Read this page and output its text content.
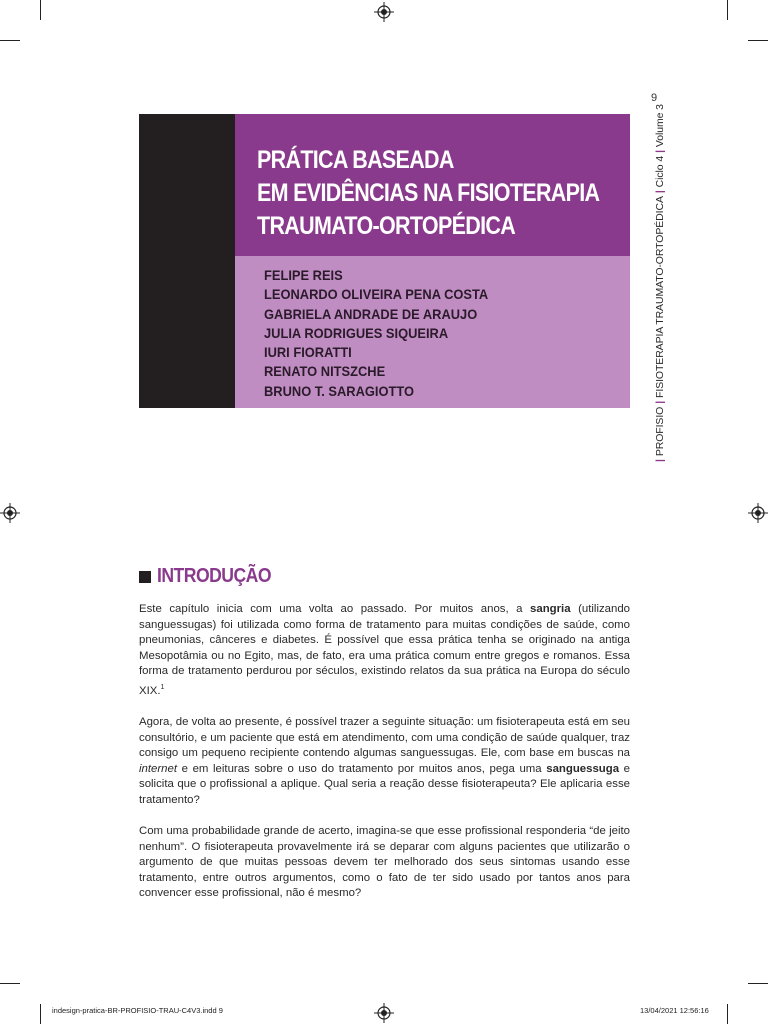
9
|
PROFISIO
|
FISIOTERAPIA TRAUMATO-ORTOPÉDICA
|
Ciclo 4
|
Volume 3
PRÁTICA BASEADA
EM EVIDÊNCIAS NA FISIOTERAPIA
TRAUMATO-ORTOPÉDICA
FELIPE REIS
LEONARDO OLIVEIRA PENA COSTA
GABRIELA ANDRADE DE ARAUJO
JULIA RODRIGUES SIQUEIRA
IURI FIORATTI
RENATO NITSZCHE
BRUNO T. SARAGIOTTO
INTRODUÇÃO

Este capítulo inicia com uma volta ao passado. Por muitos anos, a sangria (utilizando sanguessugas) foi utilizada como forma de tratamento para muitas condições de saúde, como pneumonias, cânceres e diabetes. É possível que essa prática tenha se originado na antiga Mesopotâmia ou no Egito, mas, de fato, era uma prática comum entre gregos e romanos. Essa forma de tratamento perdurou por séculos, existindo relatos da sua prática na Europa do século XIX.$^1$

Agora, de volta ao presente, é possível trazer a seguinte situação: um fisioterapeuta está em seu consultório, e um paciente que está em atendimento, com uma condição de saúde qualquer, traz consigo um pequeno recipiente contendo algumas sanguessugas. Ele, com base em buscas na internet e em leituras sobre o uso do tratamento por muitos anos, pega uma sanguessuga e solicita que o profissional a aplique. Qual seria a reação desse fisioterapeuta? Ele aplicaria esse tratamento?

Com uma probabilidade grande de acerto, imagina-se que esse profissional responderia “de jeito nenhum”. O fisioterapeuta provavelmente irá se deparar com alguns pacientes que utilizarão o argumento de que muitas pessoas devem ter melhorado dos seus sintomas usando esse tratamento, entre outros argumentos, como o fato de ter sido usado por tantos anos para convencer esse profissional, não é mesmo?

indesign-pratica-BR-PROFISIO-TRAU-C4V3.indd 9	13/04/2021 12:56:16
